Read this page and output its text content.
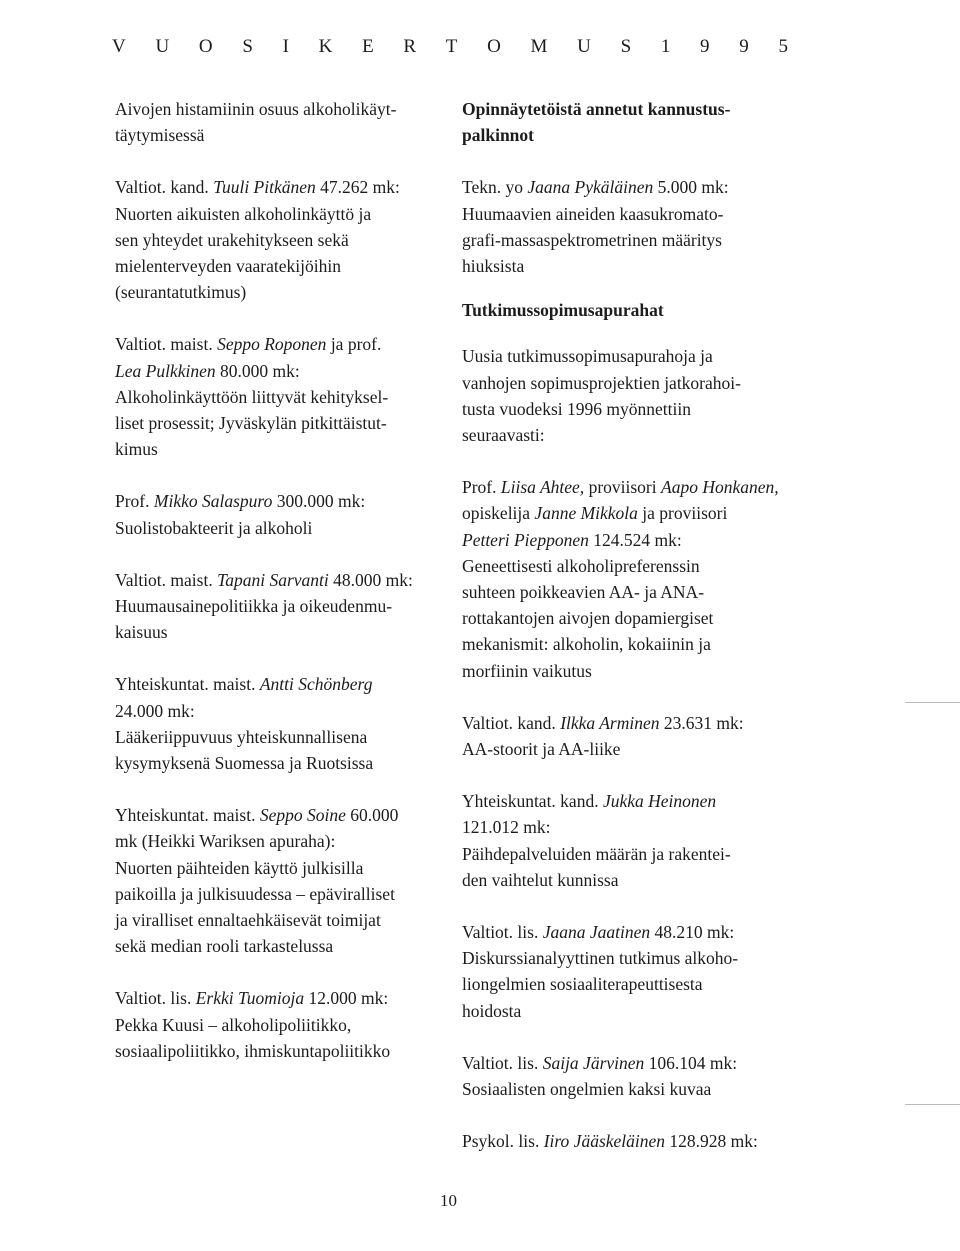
V U O S I K E R T O M U S 1 9 9 5
Aivojen histamiinin osuus alkoholikäyt-
täytymisessä
Valtiot. kand. Tuuli Pitkänen 47.262 mk:
Nuorten aikuisten alkoholinkäyttö ja
sen yhteydet urakehitykseen sekä
mielenterveyden vaaratekijöihin
(seurantatutkimus)
Valtiot. maist. Seppo Roponen ja prof.
Lea Pulkkinen 80.000 mk:
Alkoholinkäyttöön liittyvät kehityksel-
liset prosessit; Jyväskylän pitkittäistut-
kimus
Prof. Mikko Salaspuro 300.000 mk:
Suolistobakteerit ja alkoholi
Valtiot. maist. Tapani Sarvanti 48.000 mk:
Huumausainepolitiikka ja oikeudenmu-
kaisuus
Yhteiskuntat. maist. Antti Schönberg
24.000 mk:
Lääkeriippuvuus yhteiskunnallisena
kysymyksenä Suomessa ja Ruotsissa
Yhteiskuntat. maist. Seppo Soine 60.000
mk (Heikki Wariksen apuraha):
Nuorten päihteiden käyttö julkisilla
paikoilla ja julkisuudessa – epäviralliset
ja viralliset ennaltaehkäisevät toimijat
sekä median rooli tarkastelussa
Valtiot. lis. Erkki Tuomioja 12.000 mk:
Pekka Kuusi – alkoholipoliitikko,
sosiaalipoliitikko, ihmiskuntapoliitikko
Opinnäytetöistä annetut kannustus-
palkinnot
Tekn. yo Jaana Pykäläinen 5.000 mk:
Huumaavien aineiden kaasukromato-
grafi-massaspektrometrinen määritys
hiuksista
Tutkimussopimusapurahat
Uusia tutkimussopimusapurahoja ja
vanhojen sopimusprojektien jatkorahoi-
tusta vuodeksi 1996 myönnettiin
seuraavasti:
Prof. Liisa Ahtee, proviisori Aapo Honkanen,
opiskelija Janne Mikkola ja proviisori
Petteri Piepponen 124.524 mk:
Geneettisesti alkoholipreferenssin
suhteen poikkeavien AA- ja ANA-
rottakantojen aivojen dopamiergiset
mekanismit: alkoholin, kokaiinin ja
morfiinin vaikutus
Valtiot. kand. Ilkka Arminen 23.631 mk:
AA-stoorit ja AA-liike
Yhteiskuntat. kand. Jukka Heinonen
121.012 mk:
Päihdepalveluiden määrän ja rakentei-
den vaihtelut kunnissa
Valtiot. lis. Jaana Jaatinen 48.210 mk:
Diskurssianalyyttinen tutkimus alkoho-
liongelmien sosiaaliterapeuttisesta
hoidosta
Valtiot. lis. Saija Järvinen 106.104 mk:
Sosiaalisten ongelmien kaksi kuvaa
Psykol. lis. Iiro Jääskeläinen 128.928 mk:
10
